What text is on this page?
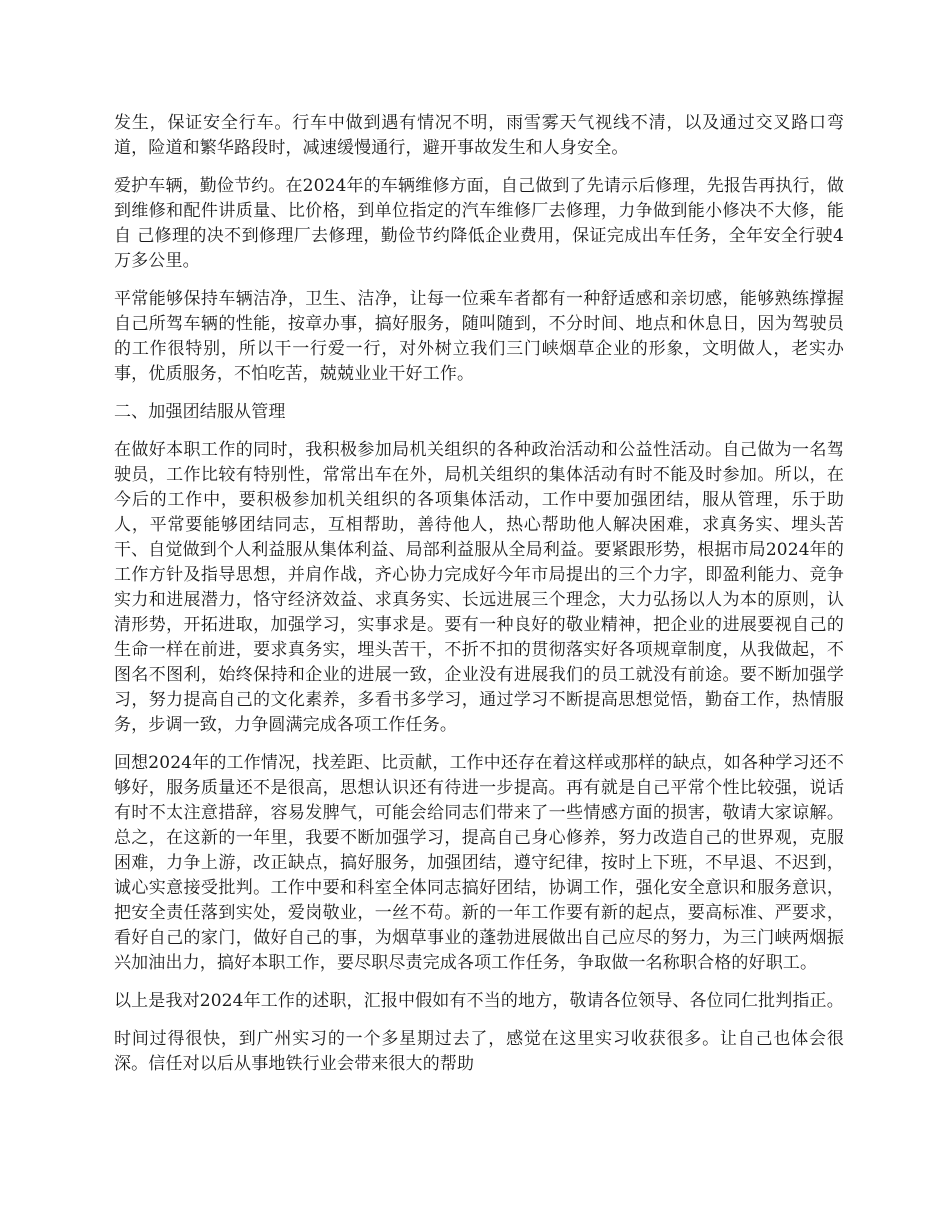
发生，保证安全行车。行车中做到遇有情况不明，雨雪雾天气视线不清，以及通过交叉路口弯道，险道和繁华路段时，减速缓慢通行，避开事故发生和人身安全。

爱护车辆，勤俭节约。在2024年的车辆维修方面，自己做到了先请示后修理，先报告再执行，做到维修和配件讲质量、比价格，到单位指定的汽车维修厂去修理，力争做到能小修决不大修，能自 己修理的决不到修理厂去修理，勤俭节约降低企业费用，保证完成出车任务，全年安全行驶4万多公里。

平常能够保持车辆洁净，卫生、洁净，让每一位乘车者都有一种舒适感和亲切感，能够熟练撑握自己所驾车辆的性能，按章办事，搞好服务，随叫随到，不分时间、地点和休息日，因为驾驶员的工作很特别，所以干一行爱一行，对外树立我们三门峡烟草企业的形象，文明做人，老实办事，优质服务，不怕吃苦，兢兢业业干好工作。

二、加强团结服从管理

在做好本职工作的同时，我积极参加局机关组织的各种政治活动和公益性活动。自己做为一名驾驶员，工作比较有特别性，常常出车在外，局机关组织的集体活动有时不能及时参加。所以，在今后的工作中，要积极参加机关组织的各项集体活动，工作中要加强团结，服从管理，乐于助人，平常要能够团结同志，互相帮助，善待他人，热心帮助他人解决困难，求真务实、埋头苦干、自觉做到个人利益服从集体利益、局部利益服从全局利益。要紧跟形势，根据市局2024年的工作方针及指导思想，并肩作战，齐心协力完成好今年市局提出的三个力字，即盈利能力、竞争实力和进展潜力，恪守经济效益、求真务实、长远进展三个理念，大力弘扬以人为本的原则，认清形势，开拓进取，加强学习，实事求是。要有一种良好的敬业精神，把企业的进展要视自己的生命一样在前进，要求真务实，埋头苦干，不折不扣的贯彻落实好各项规章制度，从我做起，不图名不图利，始终保持和企业的进展一致，企业没有进展我们的员工就没有前途。要不断加强学习，努力提高自己的文化素养，多看书多学习，通过学习不断提高思想觉悟，勤奋工作，热情服务，步调一致，力争圆满完成各项工作任务。

回想2024年的工作情况，找差距、比贡献，工作中还存在着这样或那样的缺点，如各种学习还不够好，服务质量还不是很高，思想认识还有待进一步提高。再有就是自己平常个性比较强，说话有时不太注意措辞，容易发脾气，可能会给同志们带来了一些情感方面的损害，敬请大家谅解。总之，在这新的一年里，我要不断加强学习，提高自己身心修养，努力改造自己的世界观，克服困难，力争上游，改正缺点，搞好服务，加强团结，遵守纪律，按时上下班，不早退、不迟到，诚心实意接受批判。工作中要和科室全体同志搞好团结，协调工作，强化安全意识和服务意识，把安全责任落到实处，爱岗敬业，一丝不苟。新的一年工作要有新的起点，要高标准、严要求，看好自己的家门，做好自己的事，为烟草事业的蓬勃进展做出自己应尽的努力，为三门峡两烟振兴加油出力，搞好本职工作，要尽职尽责完成各项工作任务，争取做一名称职合格的好职工。

以上是我对2024年工作的述职，汇报中假如有不当的地方，敬请各位领导、各位同仁批判指正。

时间过得很快，到广州实习的一个多星期过去了，感觉在这里实习收获很多。让自己也体会很深。信任对以后从事地铁行业会带来很大的帮助
